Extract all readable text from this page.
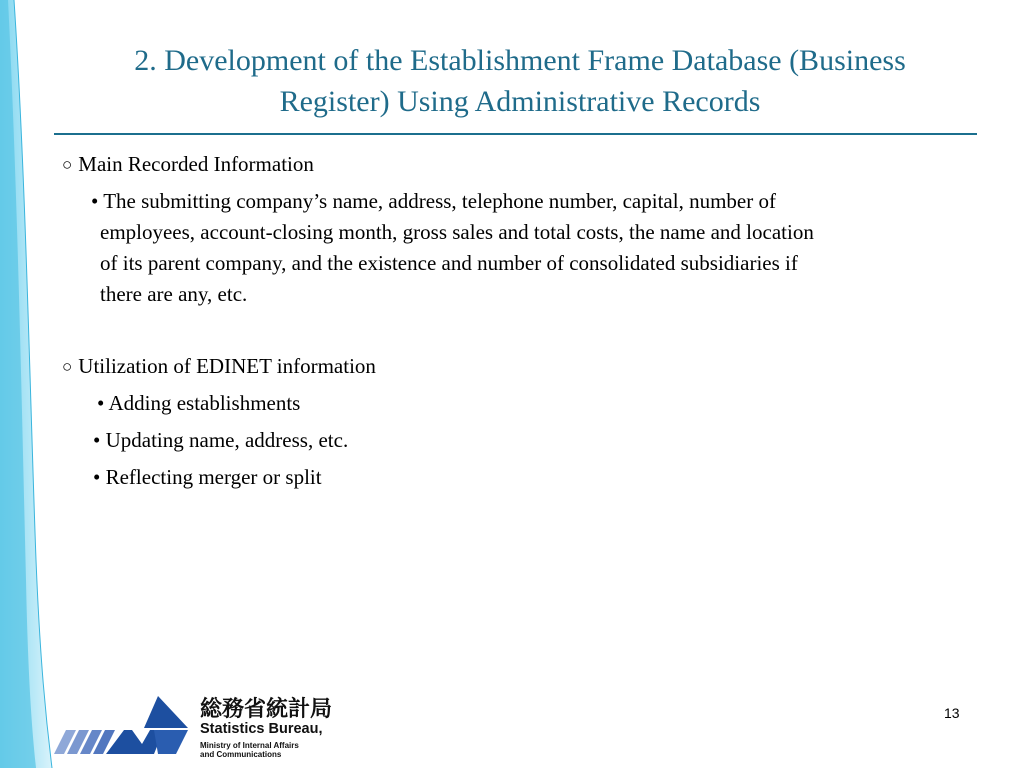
2. Development of the Establishment Frame Database (Business
Register) Using Administrative Records
○ Main Recorded Information
• The submitting company’s name, address, telephone number, capital, number of
employees, account-closing month, gross sales and total costs, the name and location
of its parent company, and the existence and number of consolidated subsidiaries if
there are any, etc.
○ Utilization of EDINET information
• Adding establishments
• Updating name, address, etc.
• Reflecting merger or split
総務省統計局
Statistics Bureau,
Ministry of Internal Affairs
and Communications
13
